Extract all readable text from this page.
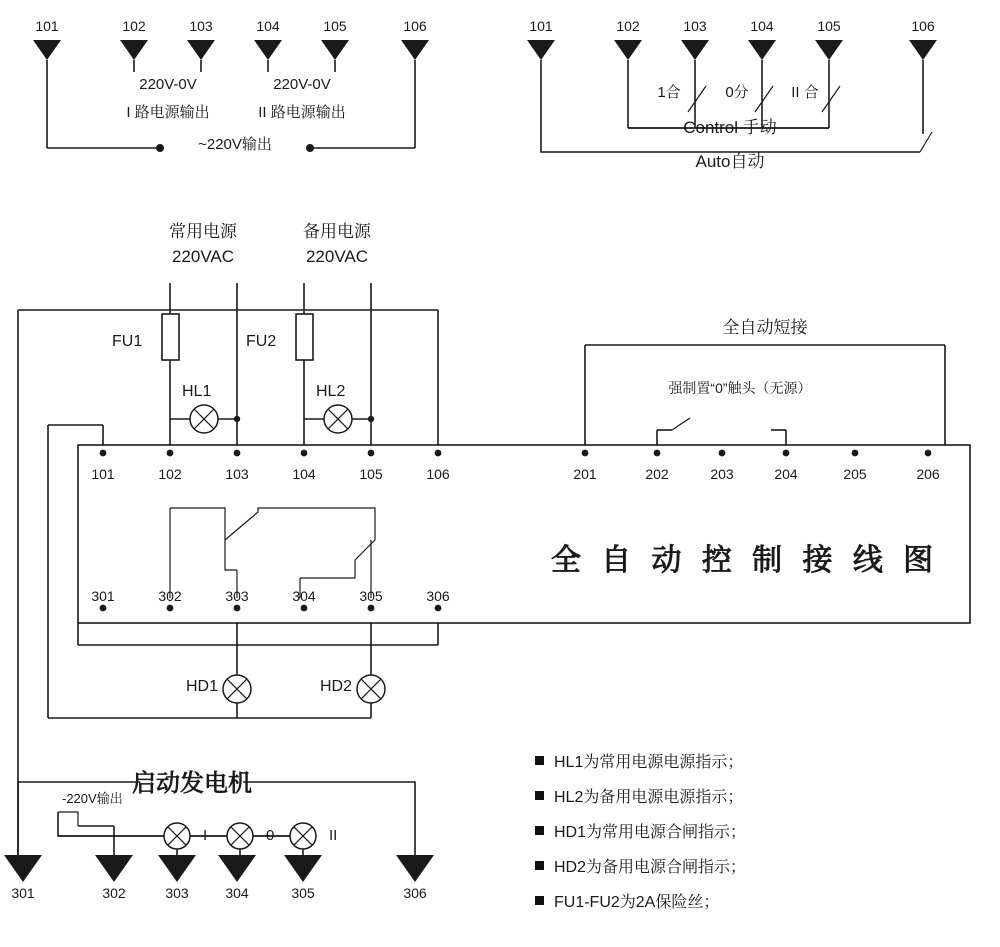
101	102	103	104	105	106
220V-0V
I 路电源输出
220V-0V
II 路电源输出
~220V输出
101	102	103	104	105	106
1合	0分	II 合
Control 手动
Auto自动
常用电源
220VAC
备用电源
220VAC
FU1	FU2
HL1	HL2
HD1	HD2
全自动短接
强制置“0”触头（无源）
101	102	103	104	105	106	201	202	203	204	205	206
301	302	303	304	305	306
全 自 动 控 制 接 线 图
启动发电机
-220V输出
I	0	II
301	302	303	304	305	306
HL1为常用电源电源指示；
HL2为备用电源电源指示；
HD1为常用电源合闸指示；
HD2为备用电源合闸指示；
FU1-FU2为2A保险丝；
